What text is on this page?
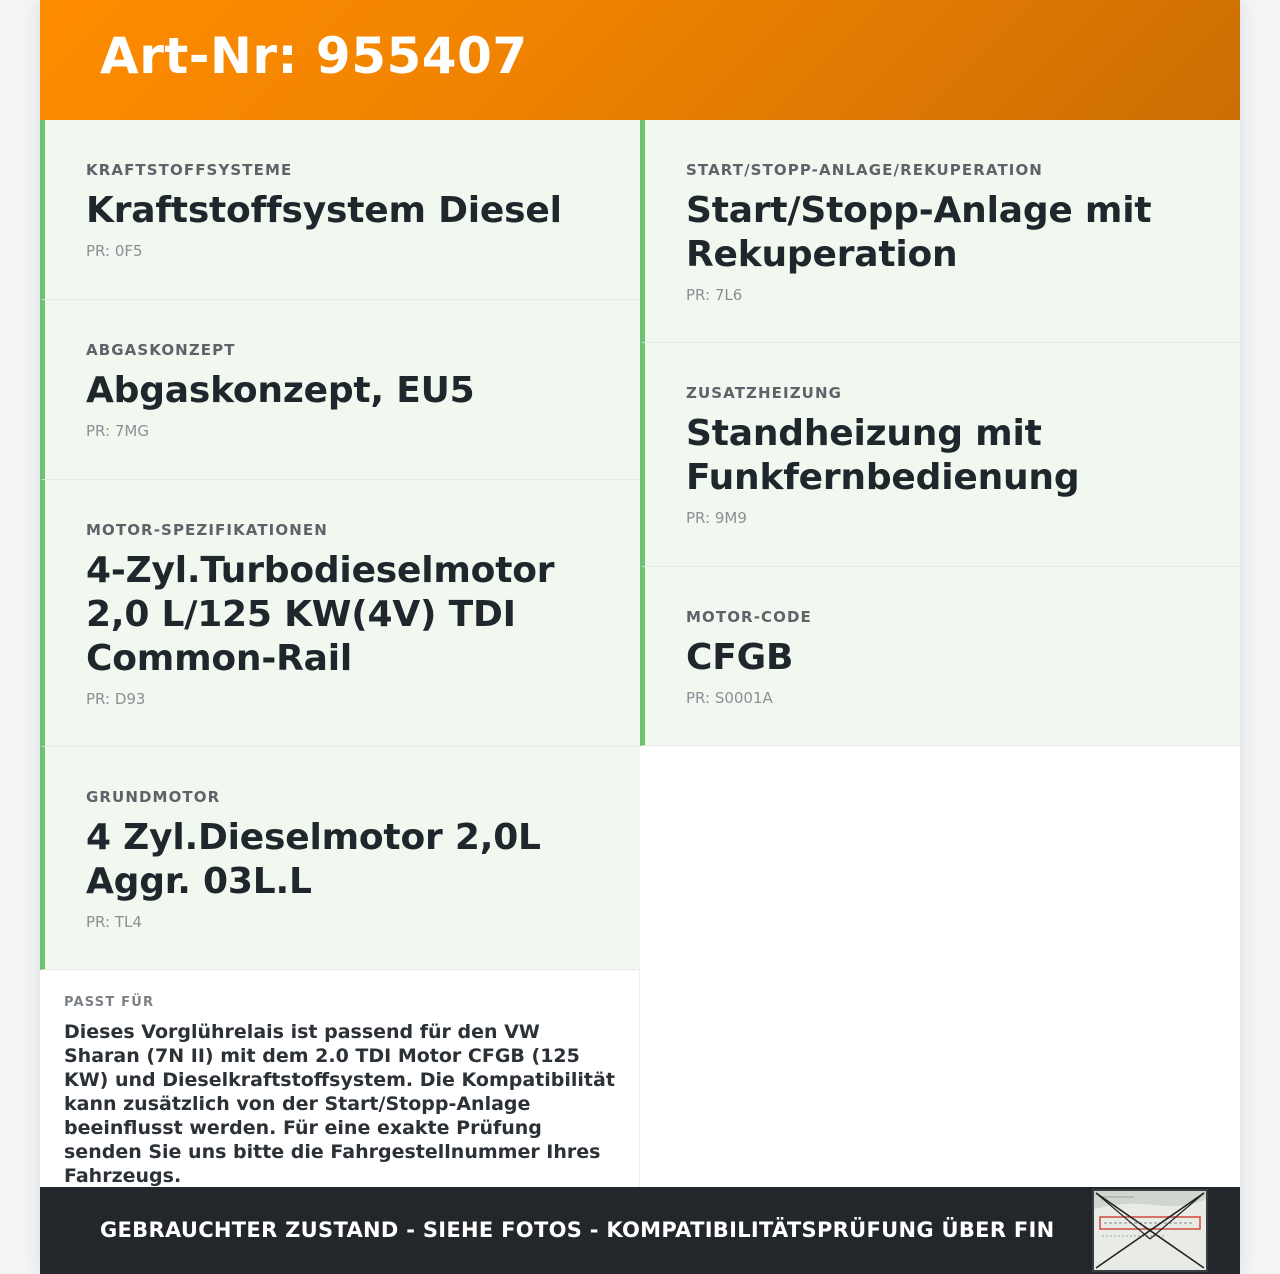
Art-Nr: 955407
KRAFTSTOFFSYSTEME
Kraftstoffsystem Diesel
PR: 0F5
ABGASKONZEPT
Abgaskonzept, EU5
PR: 7MG
MOTOR-SPEZIFIKATIONEN
4-Zyl.Turbodieselmotor 2,0 L/125 KW(4V) TDI Common-Rail
PR: D93
GRUNDMOTOR
4 Zyl.Dieselmotor 2,0L Aggr. 03L.L
PR: TL4
START/STOPP-ANLAGE/REKUPERATION
Start/Stopp-Anlage mit Rekuperation
PR: 7L6
ZUSATZHEIZUNG
Standheizung mit Funkfernbedienung
PR: 9M9
MOTOR-CODE
CFGB
PR: S0001A
PASST FÜR
Dieses Vorglührelais ist passend für den VW Sharan (7N II) mit dem 2.0 TDI Motor CFGB (125 KW) und Dieselkraftstoffsystem. Die Kompatibilität kann zusätzlich von der Start/Stopp-Anlage beeinflusst werden. Für eine exakte Prüfung senden Sie uns bitte die Fahrgestellnummer Ihres Fahrzeugs.
GEBRAUCHTER ZUSTAND - SIEHE FOTOS - KOMPATIBILITÄTSPRÜFUNG ÜBER FIN
